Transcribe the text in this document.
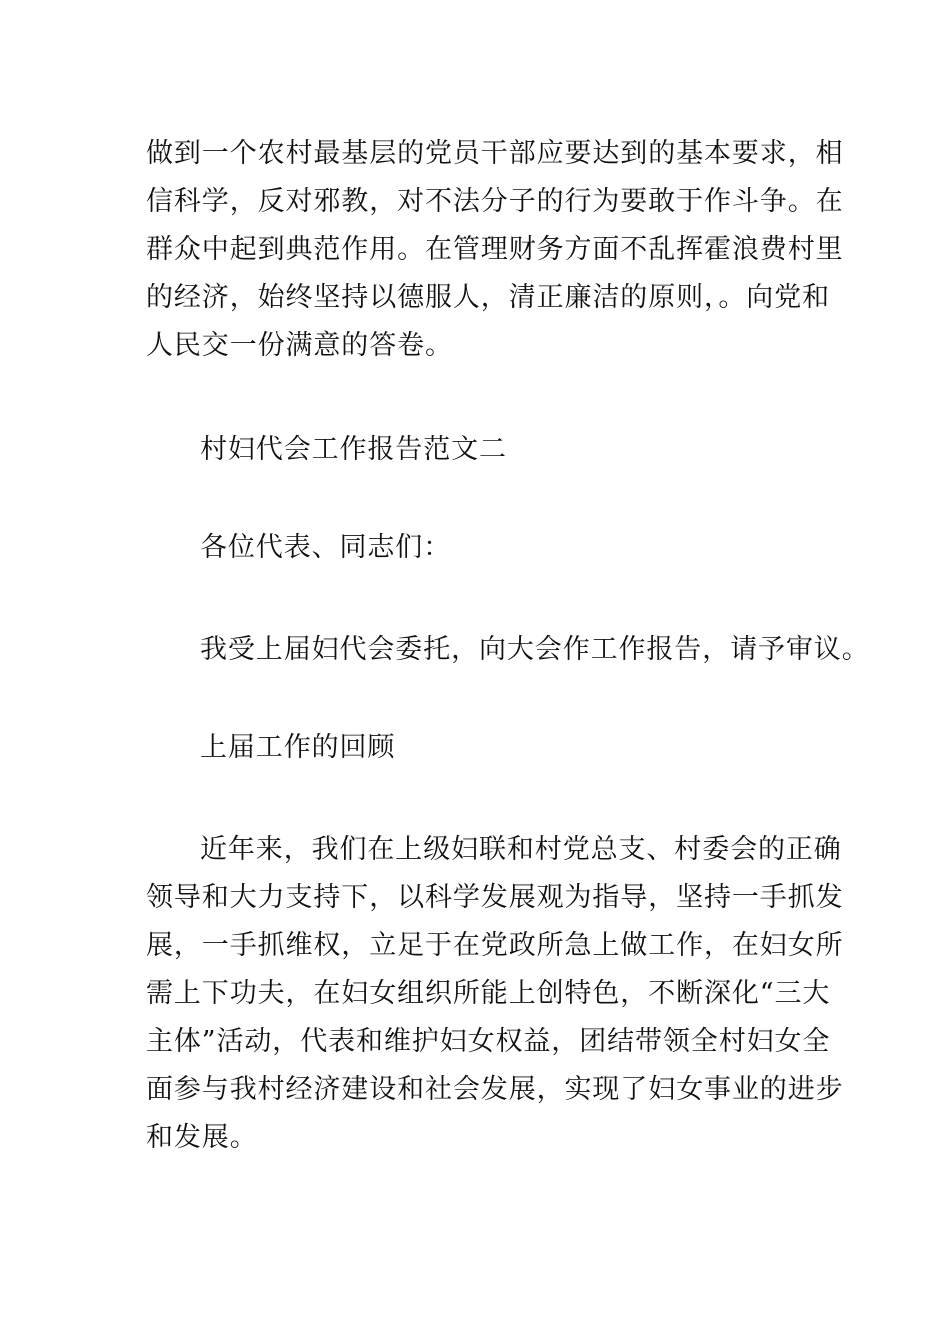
做到一个农村最基层的党员干部应要达到的基本要求，相
信科学，反对邪教，对不法分子的行为要敢于作斗争。在
群众中起到典范作用。在管理财务方面不乱挥霍浪费村里
的经济，始终坚持以德服人，清正廉洁的原则，。向党和
人民交一份满意的答卷。
村妇代会工作报告范文二
各位代表、同志们：
我受上届妇代会委托，向大会作工作报告，请予审议。
上届工作的回顾
近年来，我们在上级妇联和村党总支、村委会的正确
领导和大力支持下，以科学发展观为指导，坚持一手抓发
展，一手抓维权，立足于在党政所急上做工作，在妇女所
需上下功夫，在妇女组织所能上创特色，不断深化“三大
主体”活动，代表和维护妇女权益，团结带领全村妇女全
面参与我村经济建设和社会发展，实现了妇女事业的进步
和发展。
